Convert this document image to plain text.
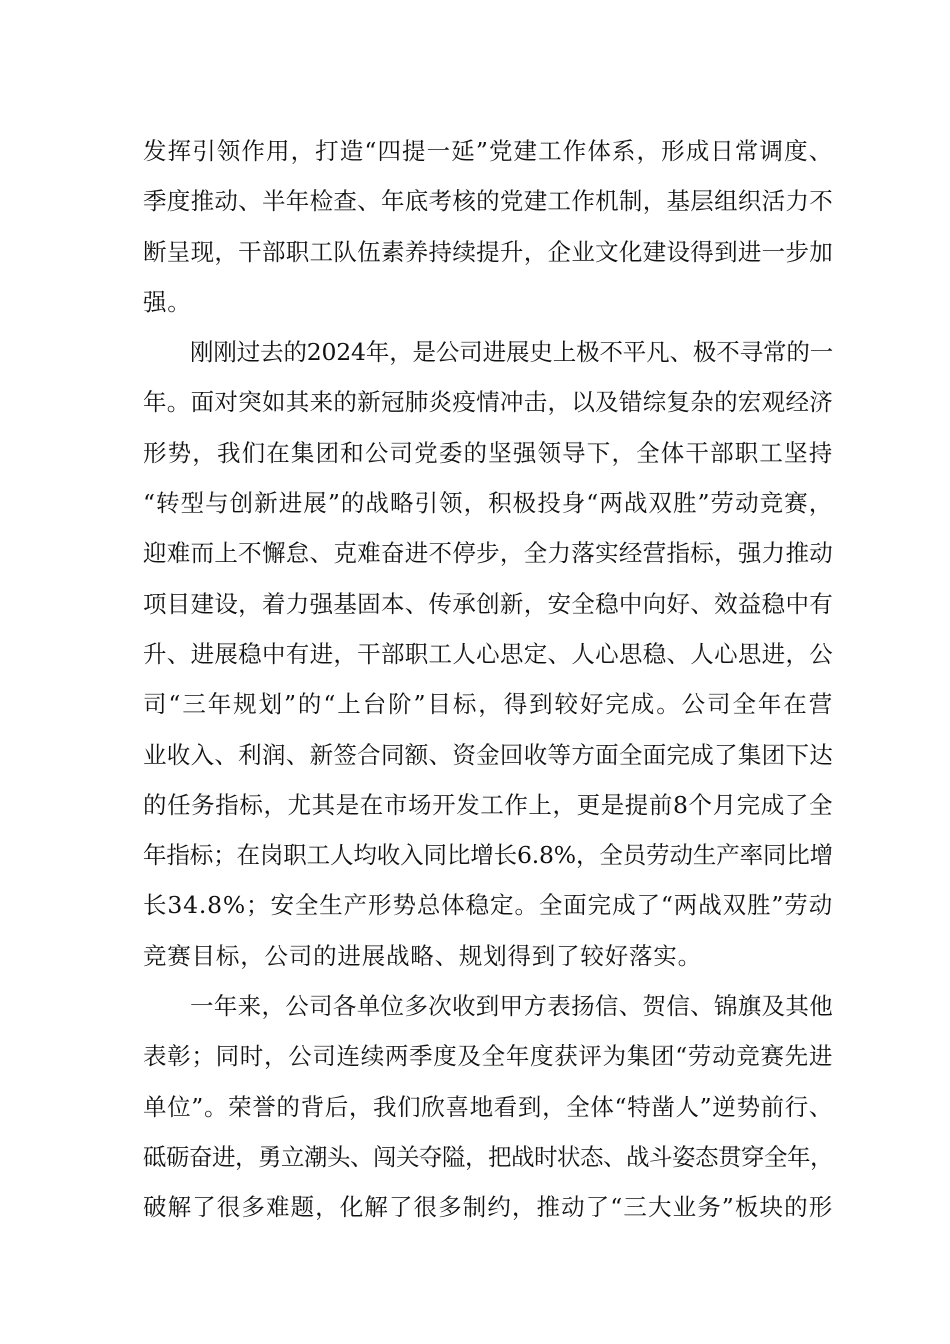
发挥引领作用，打造“四提一延”党建工作体系，形成日常调度、
季度推动、半年检查、年底考核的党建工作机制，基层组织活力不
断呈现，干部职工队伍素养持续提升，企业文化建设得到进一步加
强。
刚刚过去的2024年，是公司进展史上极不平凡、极不寻常的一
年。面对突如其来的新冠肺炎疫情冲击，以及错综复杂的宏观经济
形势，我们在集团和公司党委的坚强领导下，全体干部职工坚持
“转型与创新进展”的战略引领，积极投身“两战双胜”劳动竞赛，
迎难而上不懈怠、克难奋进不停步，全力落实经营指标，强力推动
项目建设，着力强基固本、传承创新，安全稳中向好、效益稳中有
升、进展稳中有进，干部职工人心思定、人心思稳、人心思进，公
司“三年规划”的“上台阶”目标，得到较好完成。公司全年在营
业收入、利润、新签合同额、资金回收等方面全面完成了集团下达
的任务指标，尤其是在市场开发工作上，更是提前8个月完成了全
年指标；在岗职工人均收入同比增长6.8%，全员劳动生产率同比增
长34.8%；安全生产形势总体稳定。全面完成了“两战双胜”劳动
竞赛目标，公司的进展战略、规划得到了较好落实。
一年来，公司各单位多次收到甲方表扬信、贺信、锦旗及其他
表彰；同时，公司连续两季度及全年度获评为集团“劳动竞赛先进
单位”。荣誉的背后，我们欣喜地看到，全体“特凿人”逆势前行、
砥砺奋进，勇立潮头、闯关夺隘，把战时状态、战斗姿态贯穿全年，
破解了很多难题，化解了很多制约，推动了“三大业务”板块的形
